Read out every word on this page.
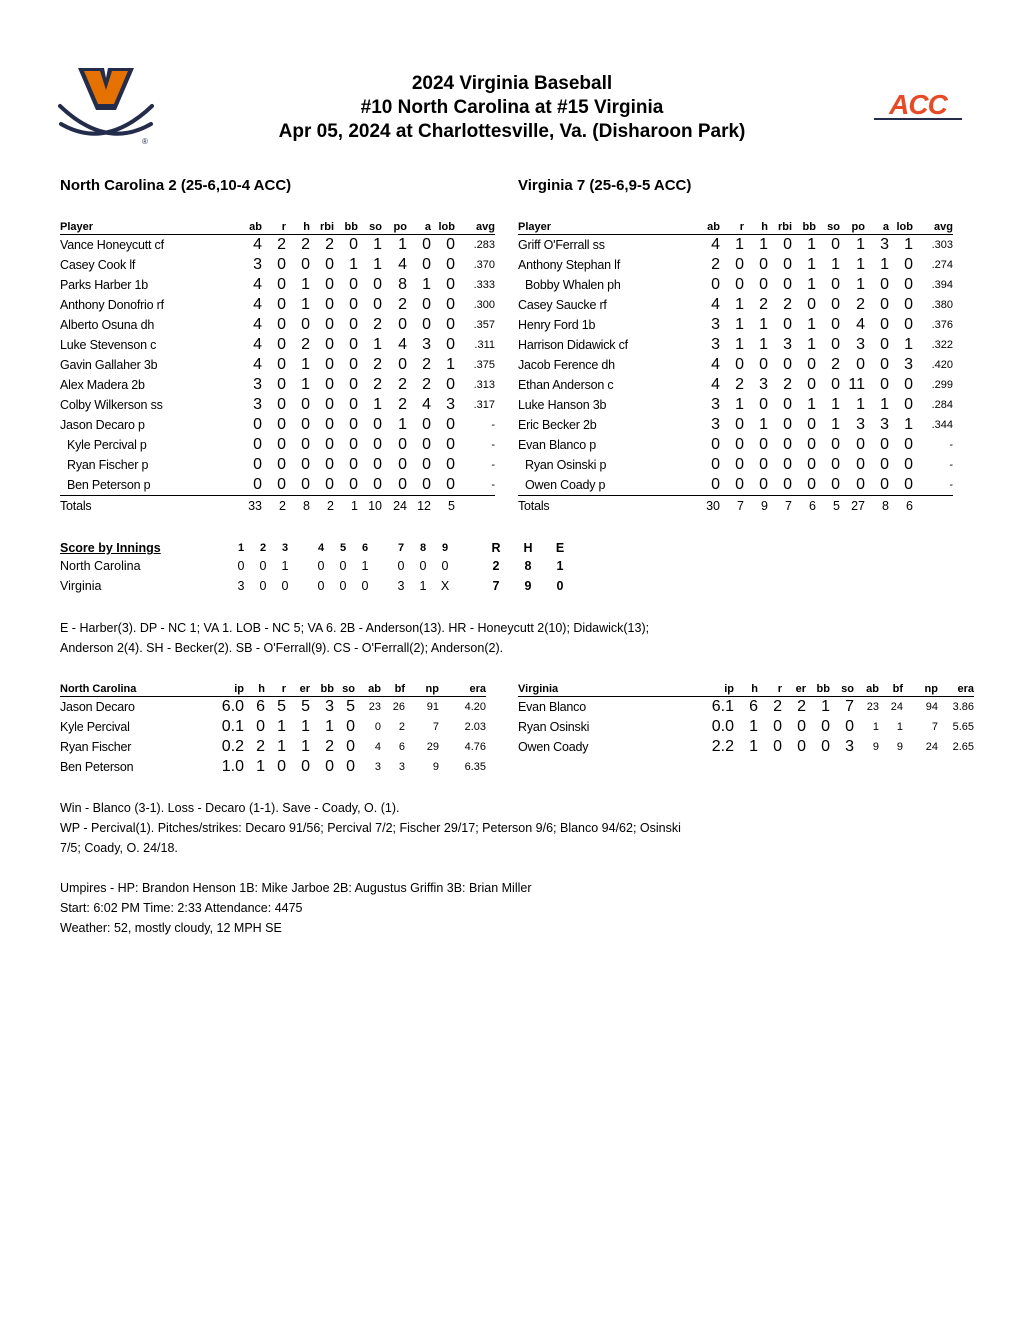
®
ACC
2024 Virginia Baseball
#10 North Carolina at #15 Virginia
Apr 05, 2024 at Charlottesville, Va. (Disharoon Park)
North Carolina 2 (25-6,10-4 ACC)	Virginia 7 (25-6,9-5 ACC)
Player	ab	r	h	rbi	bb	so	po	a	lob	avg
Vance Honeycutt cf	4	2	2	2	0	1	1	0	0	.283
Casey Cook lf	3	0	0	0	1	1	4	0	0	.370
Parks Harber 1b	4	0	1	0	0	0	8	1	0	.333
Anthony Donofrio rf	4	0	1	0	0	0	2	0	0	.300
Alberto Osuna dh	4	0	0	0	0	2	0	0	0	.357
Luke Stevenson c	4	0	2	0	0	1	4	3	0	.311
Gavin Gallaher 3b	4	0	1	0	0	2	0	2	1	.375
Alex Madera 2b	3	0	1	0	0	2	2	2	0	.313
Colby Wilkerson ss	3	0	0	0	0	1	2	4	3	.317
Jason Decaro p	0	0	0	0	0	0	1	0	0	-
Kyle Percival p	0	0	0	0	0	0	0	0	0	-
Ryan Fischer p	0	0	0	0	0	0	0	0	0	-
Ben Peterson p	0	0	0	0	0	0	0	0	0	-
Totals	33	2	8	2	1	10	24	12	5	
Player	ab	r	h	rbi	bb	so	po	a	lob	avg
Griff O'Ferrall ss	4	1	1	0	1	0	1	3	1	.303
Anthony Stephan lf	2	0	0	0	1	1	1	1	0	.274
Bobby Whalen ph	0	0	0	0	1	0	1	0	0	.394
Casey Saucke rf	4	1	2	2	0	0	2	0	0	.380
Henry Ford 1b	3	1	1	0	1	0	4	0	0	.376
Harrison Didawick cf	3	1	1	3	1	0	3	0	1	.322
Jacob Ference dh	4	0	0	0	0	2	0	0	3	.420
Ethan Anderson c	4	2	3	2	0	0	11	0	0	.299
Luke Hanson 3b	3	1	0	0	1	1	1	1	0	.284
Eric Becker 2b	3	0	1	0	0	1	3	3	1	.344
Evan Blanco p	0	0	0	0	0	0	0	0	0	-
Ryan Osinski p	0	0	0	0	0	0	0	0	0	-
Owen Coady p	0	0	0	0	0	0	0	0	0	-
Totals	30	7	9	7	6	5	27	8	6	
Score by Innings	1	2	3		4	5	6		7	8	9		R	H	E
North Carolina	0	0	1		0	0	1		0	0	0		2	8	1
Virginia	3	0	0		0	0	0		3	1	X		7	9	0
E - Harber(3). DP - NC 1; VA 1. LOB - NC 5; VA 6. 2B - Anderson(13). HR - Honeycutt 2(10); Didawick(13);
Anderson 2(4). SH - Becker(2). SB - O'Ferrall(9). CS - O'Ferrall(2); Anderson(2).
North Carolina	ip	h	r	er	bb	so	ab	bf	np	era
Jason Decaro	6.0	6	5	5	3	5	23	26	91	4.20
Kyle Percival	0.1	0	1	1	1	0	0	2	7	2.03
Ryan Fischer	0.2	2	1	1	2	0	4	6	29	4.76
Ben Peterson	1.0	1	0	0	0	0	3	3	9	6.35
Virginia	ip	h	r	er	bb	so	ab	bf	np	era
Evan Blanco	6.1	6	2	2	1	7	23	24	94	3.86
Ryan Osinski	0.0	1	0	0	0	0	1	1	7	5.65
Owen Coady	2.2	1	0	0	0	3	9	9	24	2.65
Win - Blanco (3-1). Loss - Decaro (1-1). Save - Coady, O. (1).
WP - Percival(1). Pitches/strikes: Decaro 91/56; Percival 7/2; Fischer 29/17; Peterson 9/6; Blanco 94/62; Osinski
7/5; Coady, O. 24/18.
Umpires - HP: Brandon Henson 1B: Mike Jarboe 2B: Augustus Griffin 3B: Brian Miller
Start: 6:02 PM Time: 2:33 Attendance: 4475
Weather: 52, mostly cloudy, 12 MPH SE
